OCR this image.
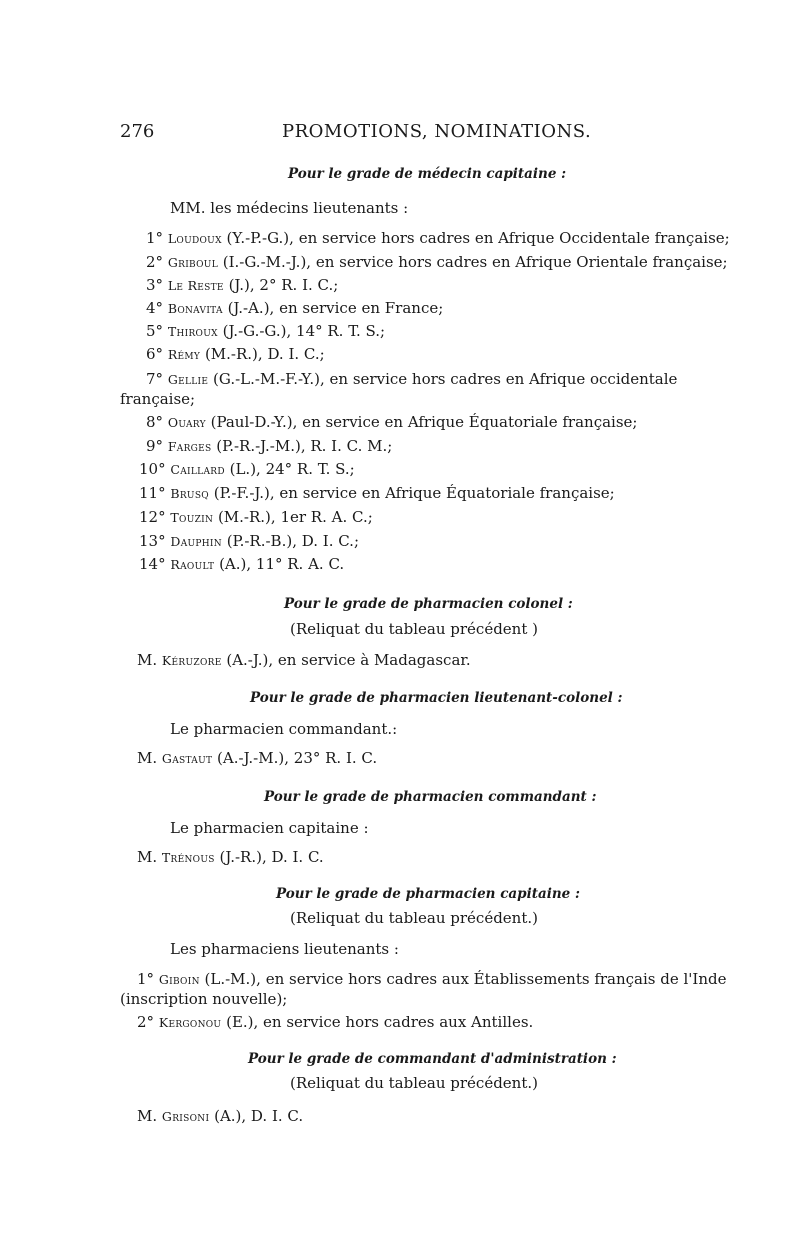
276	PROMOTIONS, NOMINATIONS.
Pour le grade de médecin capitaine :
MM. les médecins lieutenants :
1° Loudoux (Y.-P.-G.), en service hors cadres en Afrique Occidentale française;
2° Griboul (I.-G.-M.-J.), en service hors cadres en Afrique Orientale française;
3° Le Reste (J.), 2° R. I. C.;
4° Bonavita (J.-A.), en service en France;
5° Thiroux (J.-G.-G.), 14° R. T. S.;
6° Rémy (M.-R.), D. I. C.;
7° Gellie (G.-L.-M.-F.-Y.), en service hors cadres en Afrique occidentale
française;
8° Ouary (Paul-D.-Y.), en service en Afrique Équatoriale française;
9° Farges (P.-R.-J.-M.), R. I. C. M.;
10° Caillard (L.), 24° R. T. S.;
11° Brusq (P.-F.-J.), en service en Afrique Équatoriale française;
12° Touzin (M.-R.), 1er R. A. C.;
13° Dauphin (P.-R.-B.), D. I. C.;
14° Raoult (A.), 11° R. A. C.
Pour le grade de pharmacien colonel :
(Reliquat du tableau précédent )
M. Kéruzore (A.-J.), en service à Madagascar.
Pour le grade de pharmacien lieutenant-colonel :
Le pharmacien commandant.:
M. Gastaut (A.-J.-M.), 23° R. I. C.
Pour le grade de pharmacien commandant :
Le pharmacien capitaine :
M. Trénous (J.-R.), D. I. C.
Pour le grade de pharmacien capitaine :
(Reliquat du tableau précédent.)
Les pharmaciens lieutenants :
1° Giboin (L.-M.), en service hors cadres aux Établissements français de l'Inde
(inscription nouvelle);
2° Kergonou (E.), en service hors cadres aux Antilles.
Pour le grade de commandant d'administration :
(Reliquat du tableau précédent.)
M. Grisoni (A.), D. I. C.
